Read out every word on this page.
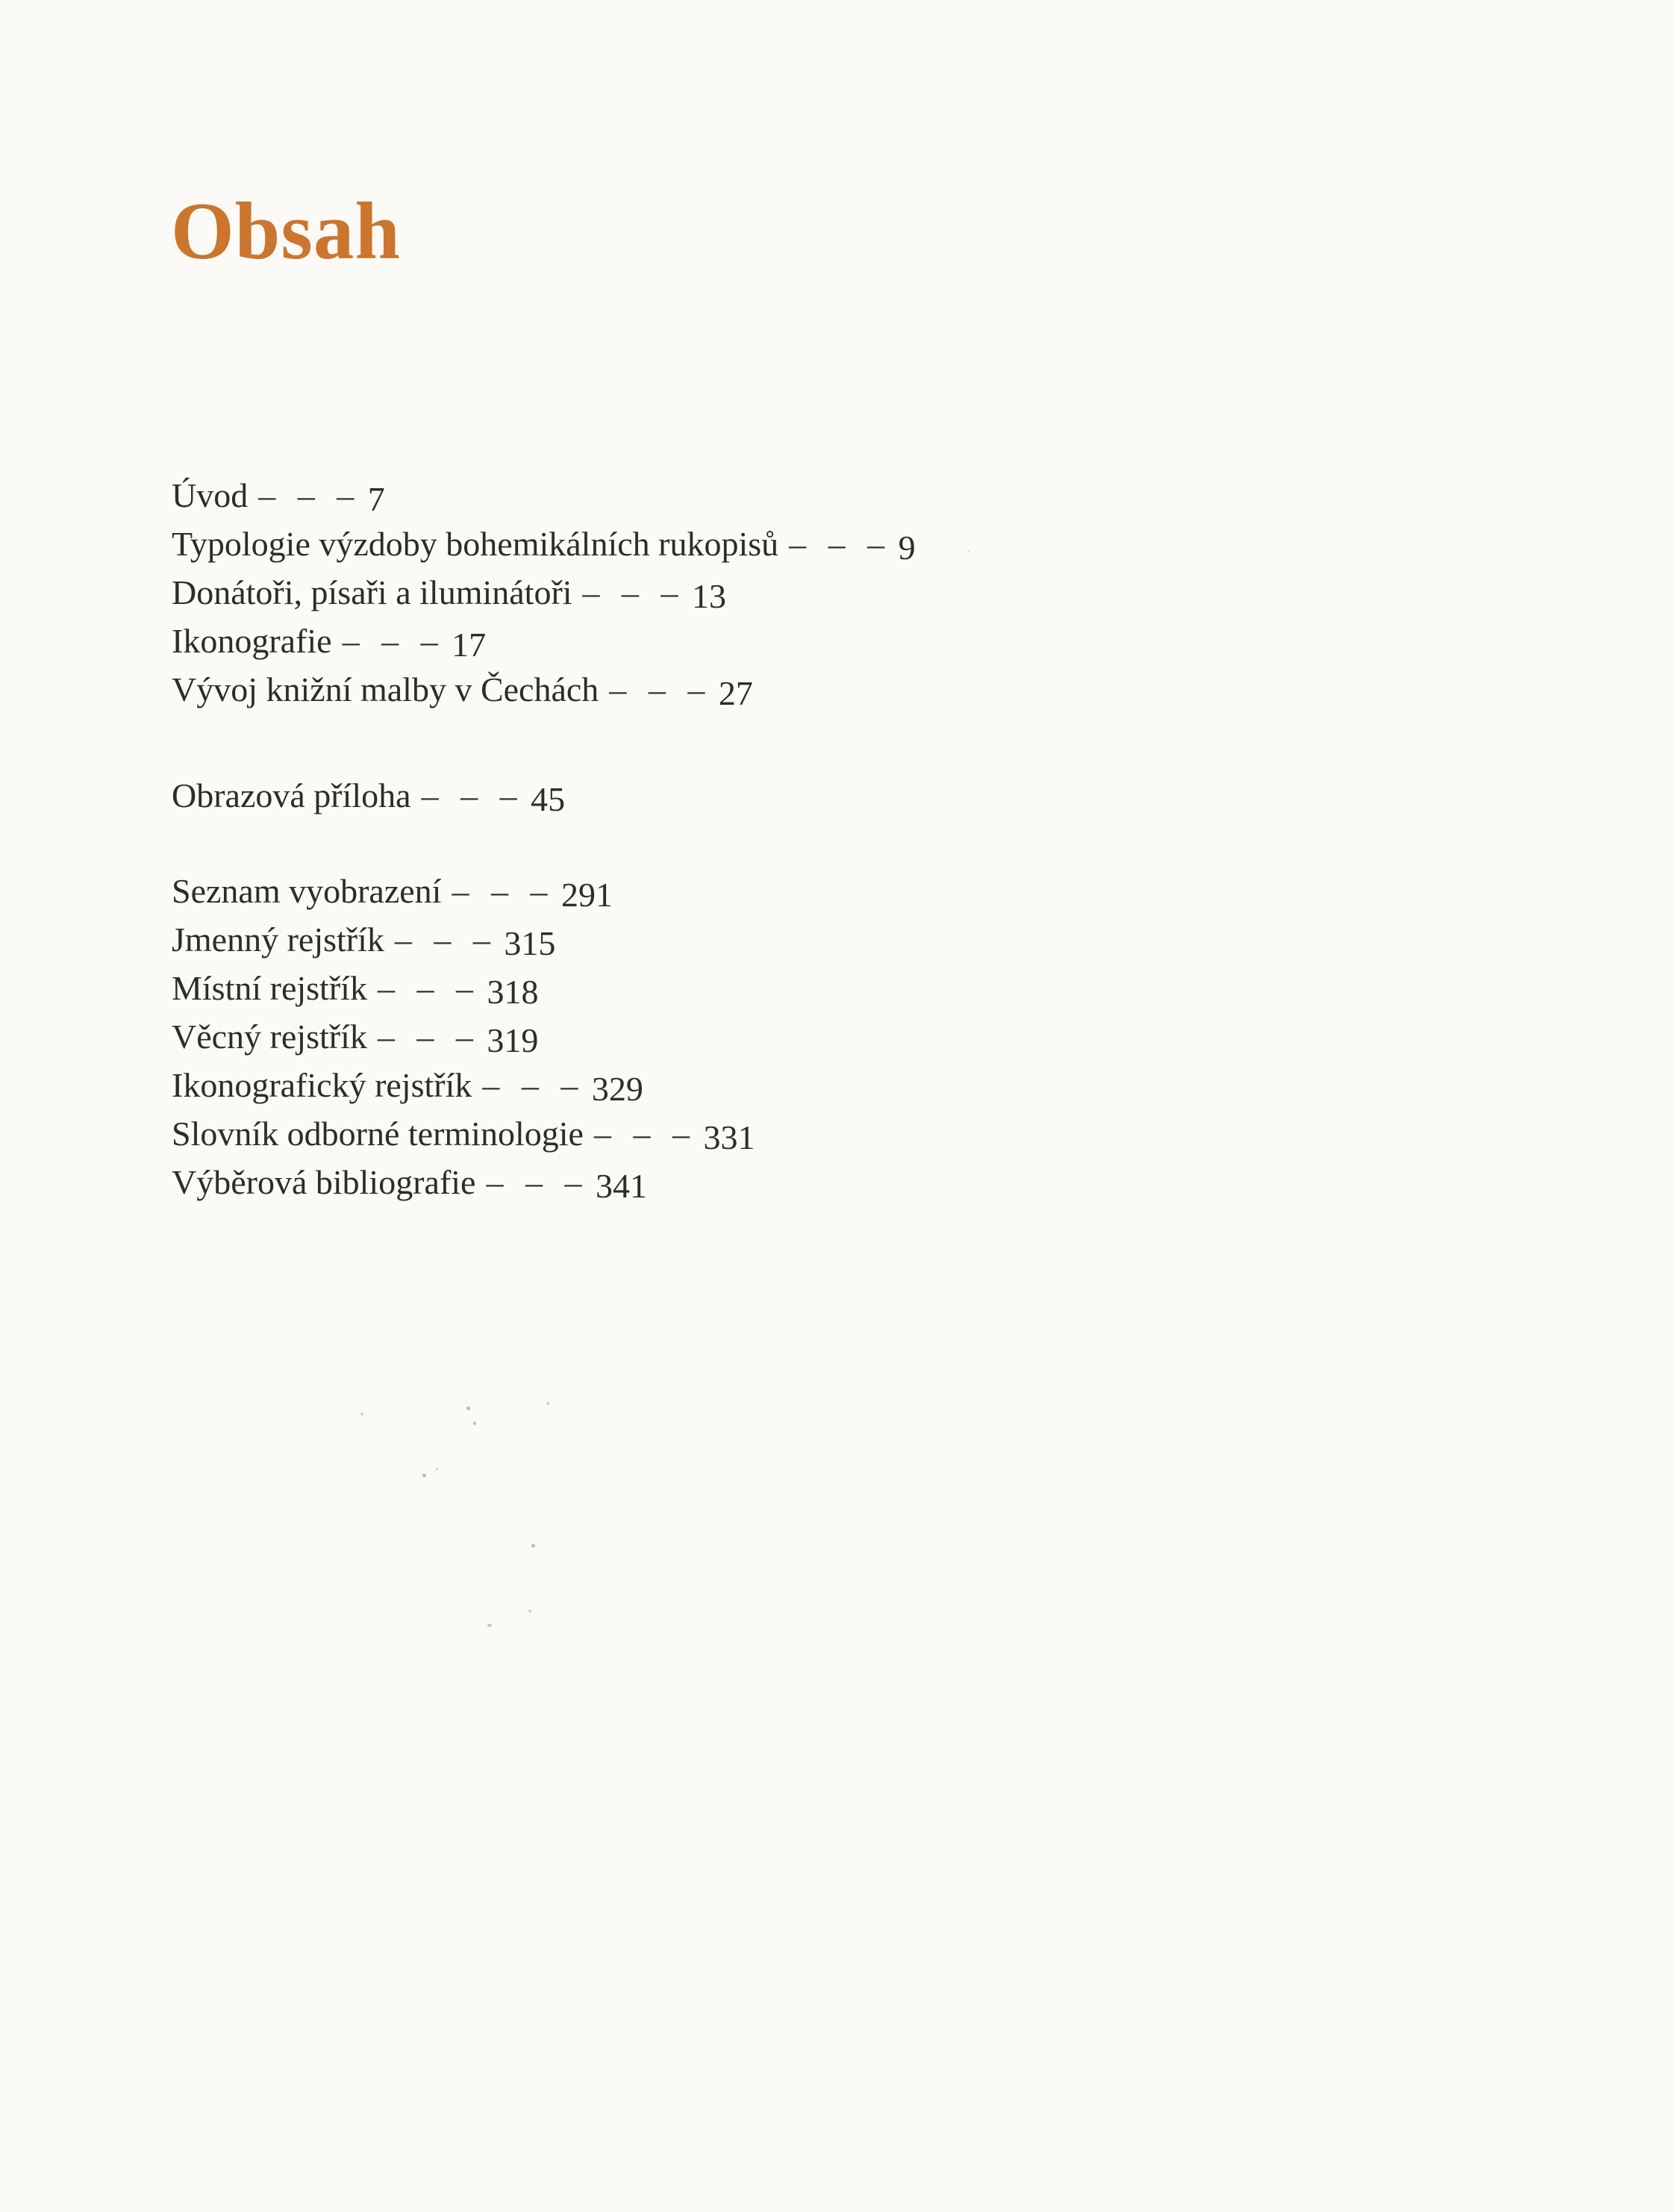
Obsah
Úvod – – – 7
Typologie výzdoby bohemikálních rukopisů – – – 9
Donátoři, písaři a iluminátoři – – – 13
Ikonografie – – – 17
Vývoj knižní malby v Čechách – – – 27
Obrazová příloha – – – 45
Seznam vyobrazení – – – 291
Jmenný rejstřík – – – 315
Místní rejstřík – – – 318
Věcný rejstřík – – – 319
Ikonografický rejstřík – – – 329
Slovník odborné terminologie – – – 331
Výběrová bibliografie – – – 341
